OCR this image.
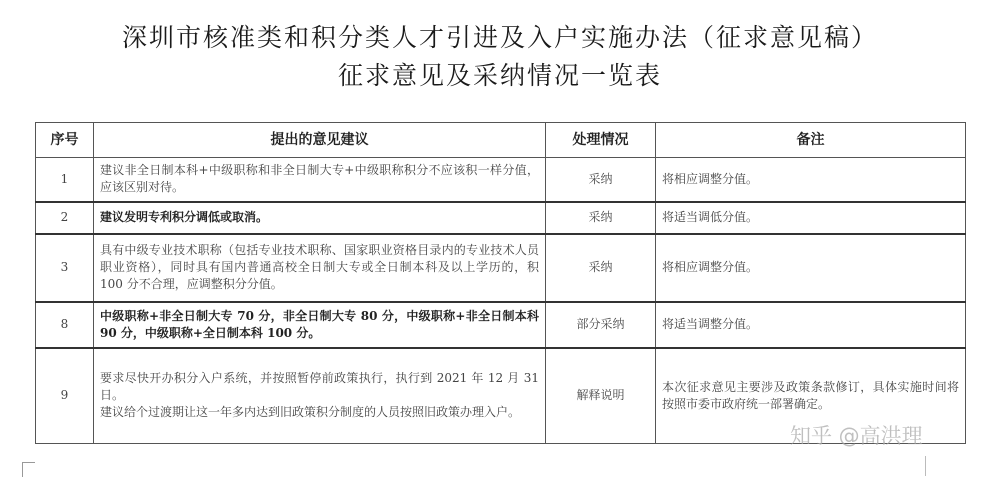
深圳市核准类和积分类人才引进及入户实施办法（征求意见稿）
征求意见及采纳情况一览表
序号	提出的意见建议	处理情况	备注
1	建议非全日制本科+中级职称和非全日制大专+中级职称积分不应该积一样分值，应该区别对待。	采纳	将相应调整分值。
2	建议发明专利积分调低或取消。	采纳	将适当调低分值。
3	具有中级专业技术职称（包括专业技术职称、国家职业资格目录内的专业技术人员职业资格），同时具有国内普通高校全日制大专或全日制本科及以上学历的，积 100 分不合理，应调整积分分值。	采纳	将相应调整分值。
8	中级职称+非全日制大专 70 分，非全日制大专 80 分，中级职称+非全日制本科 90 分，中级职称+全日制本科 100 分。	部分采纳	将适当调整分值。
9	要求尽快开办积分入户系统，并按照暂停前政策执行，执行到 2021 年 12 月 31 日。
建议给个过渡期让这一年多内达到旧政策积分制度的人员按照旧政策办理入户。	解释说明	本次征求意见主要涉及政策条款修订，具体实施时间将按照市委市政府统一部署确定。
知乎 @高洪理
